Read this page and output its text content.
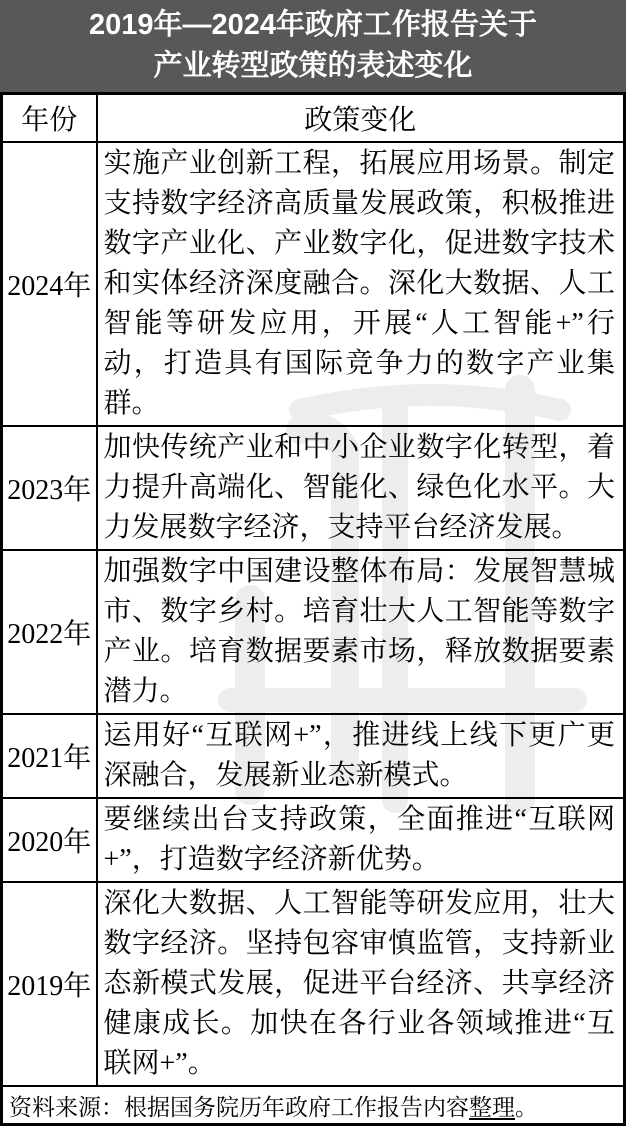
2019年—2024年政府工作报告关于
产业转型政策的表述变化
年份	政策变化
2024年	实施产业创新工程，拓展应用场景。制定支持数字经济高质量发展政策，积极推进数字产业化、产业数字化，促进数字技术和实体经济深度融合。深化大数据、人工智能等研发应用，开展“人工智能+”行动，打造具有国际竞争力的数字产业集群。
2023年	加快传统产业和中小企业数字化转型，着力提升高端化、智能化、绿色化水平。大力发展数字经济，支持平台经济发展。
2022年	加强数字中国建设整体布局：发展智慧城市、数字乡村。培育壮大人工智能等数字产业。培育数据要素市场，释放数据要素潜力。
2021年	运用好“互联网+”，推进线上线下更广更深融合，发展新业态新模式。
2020年	要继续出台支持政策，全面推进“互联网+”，打造数字经济新优势。
2019年	深化大数据、人工智能等研发应用，壮大数字经济。坚持包容审慎监管，支持新业态新模式发展，促进平台经济、共享经济健康成长。加快在各行业各领域推进“互联网+”。
资料来源：根据国务院历年政府工作报告内容整理。	
